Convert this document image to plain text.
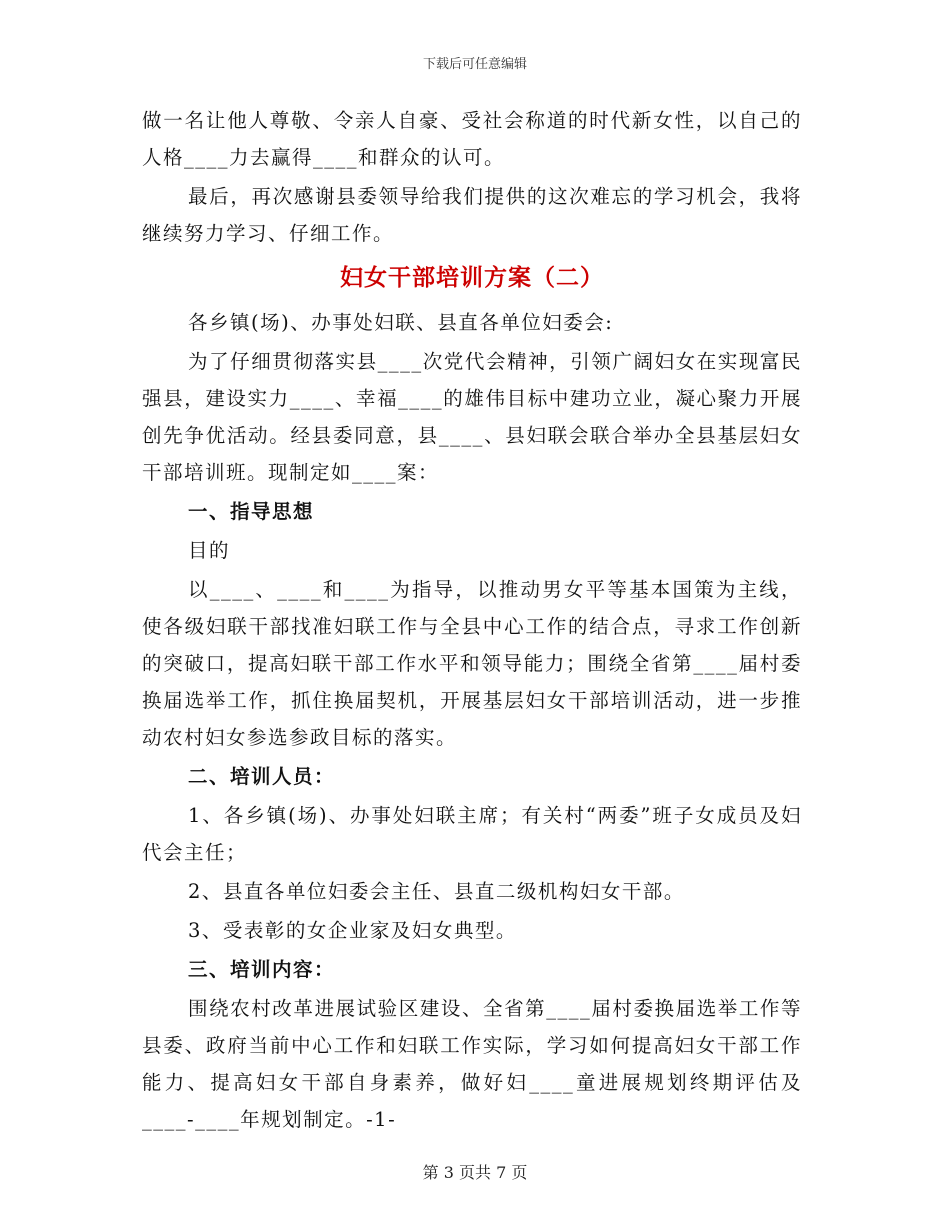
下载后可任意编辑

做一名让他人尊敬、令亲人自豪、受社会称道的时代新女性，以自己的人格____力去赢得____和群众的认可。

最后，再次感谢县委领导给我们提供的这次难忘的学习机会，我将继续努力学习、仔细工作。

妇女干部培训方案（二）

各乡镇(场)、办事处妇联、县直各单位妇委会:

为了仔细贯彻落实县____次党代会精神，引领广阔妇女在实现富民强县，建设实力____、幸福____的雄伟目标中建功立业，凝心聚力开展创先争优活动。经县委同意，县____、县妇联会联合举办全县基层妇女干部培训班。现制定如____案：

一、指导思想

目的

以____、____和____为指导，以推动男女平等基本国策为主线，使各级妇联干部找准妇联工作与全县中心工作的结合点，寻求工作创新的突破口，提高妇联干部工作水平和领导能力；围绕全省第____届村委换届选举工作，抓住换届契机，开展基层妇女干部培训活动，进一步推动农村妇女参选参政目标的落实。

二、培训人员：

1、各乡镇(场)、办事处妇联主席；有关村“两委”班子女成员及妇代会主任；

2、县直各单位妇委会主任、县直二级机构妇女干部。

3、受表彰的女企业家及妇女典型。

三、培训内容：

围绕农村改革进展试验区建设、全省第____届村委换届选举工作等县委、政府当前中心工作和妇联工作实际，学习如何提高妇女干部工作能力、提高妇女干部自身素养，做好妇____童进展规划终期评估及____-____年规划制定。-1-

第 3 页共 7 页
